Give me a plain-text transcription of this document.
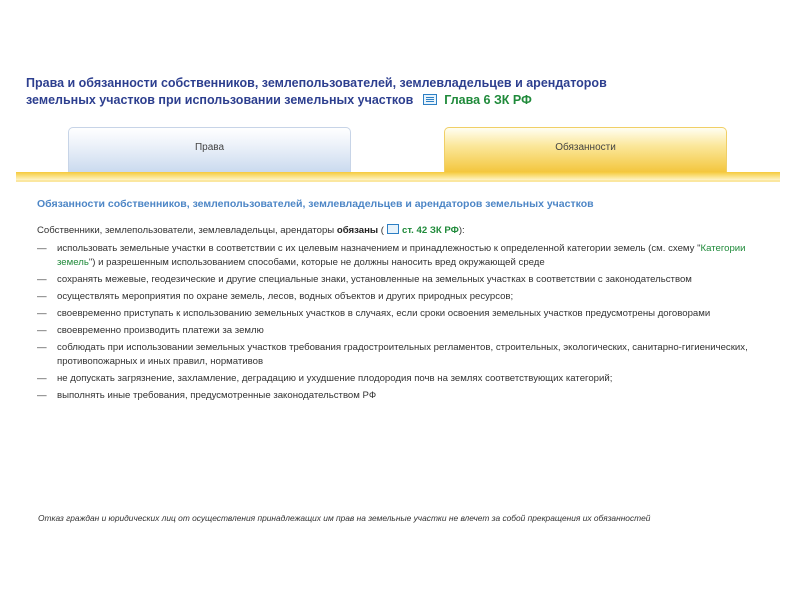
Права и обязанности собственников, землепользователей, землевладельцев и арендаторов
земельных участков при использовании земельных участков Глава 6 ЗК РФ
Права	Обязанности
Обязанности собственников, землепользователей, землевладельцев и арендаторов земельных участков
Собственники, землепользователи, землевладельцы, арендаторы обязаны ( ст. 42 ЗК РФ):
—	использовать земельные участки в соответствии с их целевым назначением и принадлежностью к определенной категории земель (см. схему "Категории земель") и разрешенным использованием способами, которые не должны наносить вред окружающей среде
—	сохранять межевые, геодезические и другие специальные знаки, установленные на земельных участках в соответствии с законодательством
—	осуществлять мероприятия по охране земель, лесов, водных объектов и других природных ресурсов;
—	своевременно приступать к использованию земельных участков в случаях, если сроки освоения земельных участков предусмотрены договорами
—	своевременно производить платежи за землю
—	соблюдать при использовании земельных участков требования градостроительных регламентов, строительных, экологических, санитарно-гигиенических, противопожарных и иных правил, нормативов
—	не допускать загрязнение, захламление, деградацию и ухудшение плодородия почв на землях соответствующих категорий;
—	выполнять иные требования, предусмотренные законодательством РФ
Отказ граждан и юридических лиц от осуществления принадлежащих им прав на земельные участки не влечет за собой прекращения их обязанностей
